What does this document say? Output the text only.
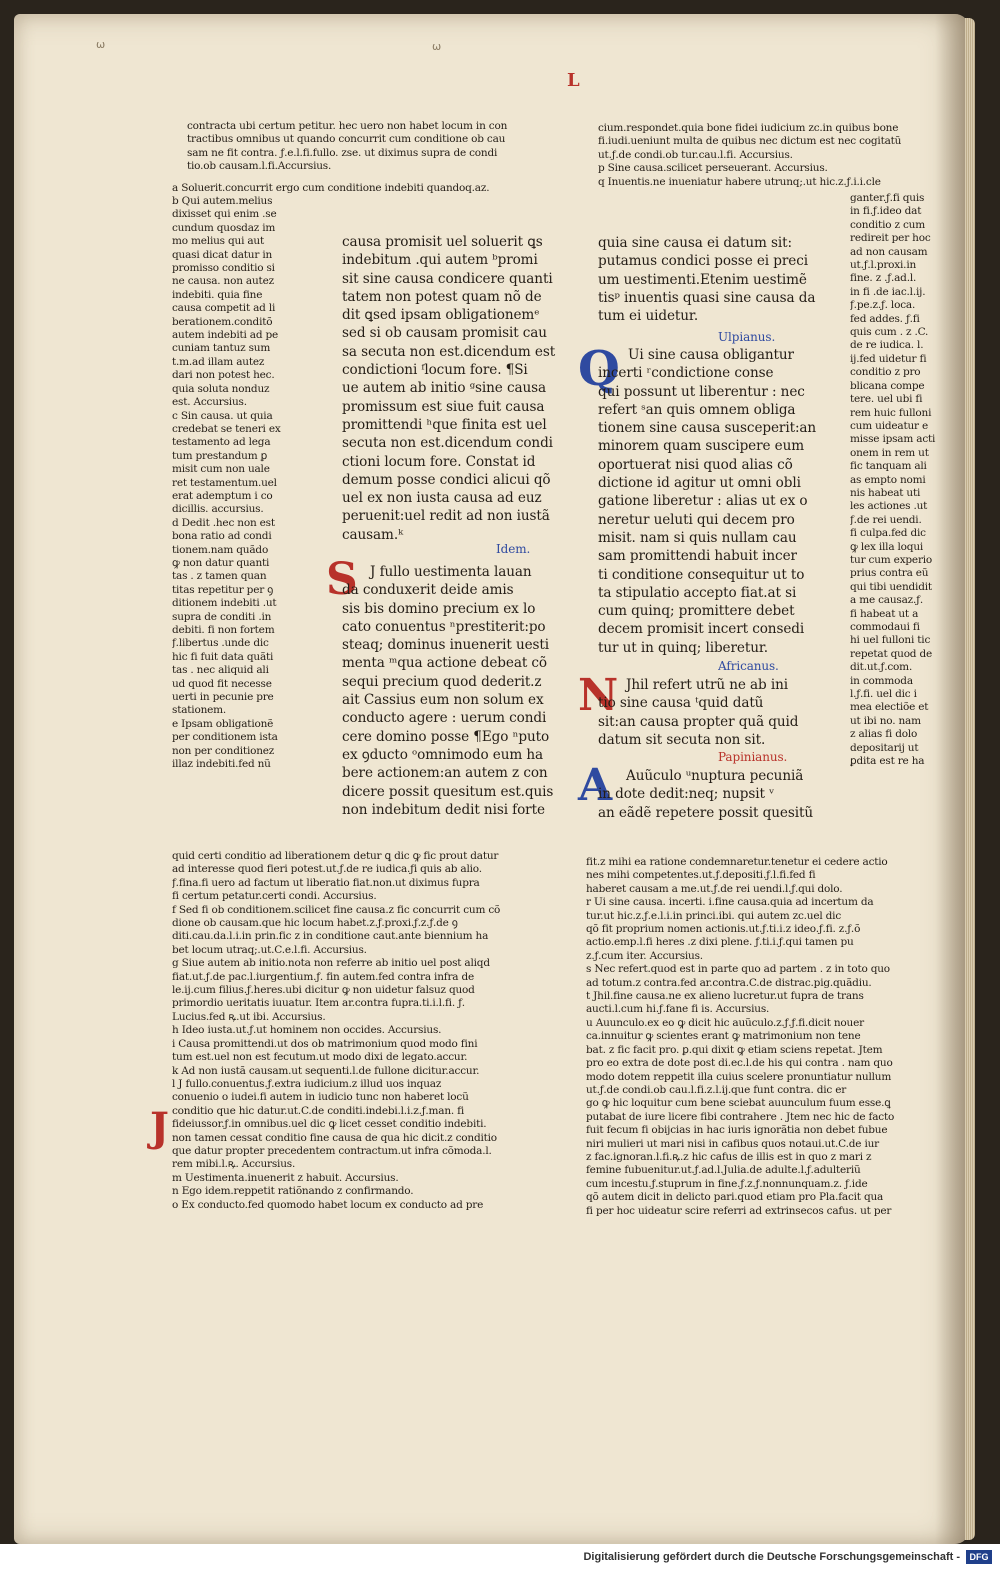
ω	ω
L
contracta ubi certum petitur. hec uero non habet locum in con
tractibus omnibus ut quando concurrit cum conditione ob cau
sam ne fit contra. ƒ.e.l.fi.fullo. zse. ut diximus supra de condi
tio.ob causam.l.fi.Accursius.
a Soluerit.concurrit ergo cum conditione indebiti quandoq.az.
b Qui autem.melius
dixisset qui enim .se
cundum quosdaz im
mo melius qui aut
quasi dicat datur in
promisso conditio si
ne causa. non autez
indebiti. quia fine
causa competit ad li
berationem.conditõ
autem indebiti ad pe
cuniam tantuz sum
t.m.ad illam autez
dari non potest hec.
quia soluta nonduz
est. Accursius.
c Sin causa. ut quia
credebat se teneri ex
testamento ad lega
tum prestandum ꝑ
misit cum non uale
ret testamentum.uel
erat ademptum i co
dicillis. accursius.
d Dedit .hec non est
bona ratio ad condi
tionem.nam quãdo
ꝙ non datur quanti
tas . z tamen quan
titas repetitur per ꝯ
ditionem indebiti .ut
supra de conditi .in
debiti. fi non fortem
ƒ.libertus .unde dic
hic fi fuit data quãti
tas . nec aliquid ali
ud quod fit necesse
uerti in pecunie pre
stationem.
e Ipsam obligationẽ
per conditionem ista
non per conditionez
illaz indebiti.fed nũ
causa promisit uel soluerit ꝗs
indebitum .qui autem ᵇpromi
sit sine causa condicere quanti
tatem non potest quam nõ de
dit ꝗsed ipsam obligationemᵉ
sed si ob causam promisit cau
sa secuta non est.dicendum est
condictioni ᶠlocum fore. ¶Si
ue autem ab initio ᵍsine causa
promissum est siue fuit causa
promittendi ʰque finita est uel
secuta non est.dicendum condi
ctioni locum fore. Constat id
demum posse condici alicui qõ
uel ex non iusta causa ad euz
peruenit:uel redit ad non iustã
causam.ᵏ
Idem.
S J fullo uestimenta lauan
da conduxerit deide amis
sis bis domino precium ex lo
cato conuentus ⁿprestiterit:po
steaq; dominus inuenerit uesti
menta ᵐqua actione debeat cõ
sequi precium quod dederit.z
ait Cassius eum non solum ex
conducto agere : uerum condi
cere domino posse ¶Ego ⁿputo
ex ꝯducto ᵒomnimodo eum ha
bere actionem:an autem z con
dicere possit quesitum est.quis
non indebitum dedit nisi forte
quid certi conditio ad liberationem detur ꝗ dic ꝙ fic prout datur
ad interesse quod fieri potest.ut.ƒ.de re iudica.ƒi quis ab alio.
ƒ.fina.fi uero ad factum ut liberatio fiat.non.ut diximus fupra
fi certum petatur.certi condi. Accursius.
f Sed fi ob conditionem.scilicet fine causa.z fic concurrit cum cõ
dione ob causam.que hic locum habet.z.ƒ.proxi.ƒ.z.ƒ.de ꝯ
diti.cau.da.l.i.in prin.fic z in conditione caut.ante biennium ha
bet locum utraq;.ut.C.e.l.fi. Accursius.
g Siue autem ab initio.nota non referre ab initio uel post aliqd
fiat.ut.ƒ.de pac.l.iurgentium.ƒ. fin autem.fed contra infra de
le.ij.cum filius.ƒ.heres.ubi dicitur ꝙ non uidetur falsuz quod
primordio ueritatis iuuatur. Item ar.contra fupra.ti.i.l.fi. ƒ.
Lucius.fed ꝶ.ut ibi. Accursius.
h Ideo iusta.ut.ƒ.ut hominem non occides. Accursius.
i Causa promittendi.ut dos ob matrimonium quod modo fini
tum est.uel non est fecutum.ut modo dixi de legato.accur.
k Ad non iustã causam.ut sequenti.l.de fullone dicitur.accur.
l J fullo.conuentus.ƒ.extra iudicium.z illud uos inquaz
conuenio o iudei.fi autem in iudicio tunc non haberet locũ
conditio que hic datur.ut.C.de conditi.indebi.l.i.z.ƒ.man. fi
fideiussor.ƒ.in omnibus.uel dic ꝙ licet cesset conditio indebiti.
non tamen cessat conditio fine causa de qua hic dicit.z conditio
que datur propter precedentem contractum.ut infra cõmoda.l.
rem mibi.l.ꝶ. Accursius.
m Uestimenta.inuenerit z habuit. Accursius.
n Ego idem.reppetit ratiõnando z confirmando.
o Ex conducto.fed quomodo habet locum ex conducto ad pre
J
cium.respondet.quia bone fidei iudicium zc.in quibus bone
fi.iudi.ueniunt multa de quibus nec dictum est nec cogitatũ
ut.ƒ.de condi.ob tur.cau.l.fi. Accursius.
p Sine causa.scilicet perseuerant. Accursius.
q Inuentis.ne inueniatur habere utrunq;.ut hic.z.ƒ.i.i.cle
quia sine causa ei datum sit:
putamus condici posse ei preci
um uestimenti.Etenim uestimẽ
tisᵖ inuentis quasi sine causa da
tum ei uidetur.
Ulpianus.
Q Ui sine causa obligantur
incerti ʳcondictione conse
qui possunt ut liberentur : nec
refert ˢan quis omnem obliga
tionem sine causa susceperit:an
minorem quam suscipere eum
oportuerat nisi quod alias cõ
dictione id agitur ut omni obli
gatione liberetur : alias ut ex o
neretur ueluti qui decem pro
misit. nam si quis nullam cau
sam promittendi habuit incer
ti conditione consequitur ut to
ta stipulatio accepto fiat.at si
cum quinq; promittere debet
decem promisit incert consedi
tur ut in quinq; liberetur.
Africanus.
N Jhil refert utrũ ne ab ini
tio sine causa ᵗquid datũ
sit:an causa propter quã quid
datum sit secuta non sit.
Papinianus.
A	Auũculo ᵘnuptura pecuniã
in dote dedit:neq; nupsit ᵛ
an eãdẽ repetere possit quesitũ
ganter.ƒ.fi quis
in fi.ƒ.ideo dat
conditio z cum
redireit per hoc
ad non causam
ut.ƒ.l.proxi.in
fine. z .ƒ.ad.l.
in fi .de iac.l.ij.
ƒ.pe.z.ƒ. loca.
fed addes. ƒ.fi
quis cum . z .C.
de re iudica. l.
ij.fed uidetur fi
conditio z pro
blicana compe
tere. uel ubi fi
rem huic fulloni
cum uideatur e
misse ipsam acti
onem in rem ut
fic tanquam ali
as empto nomi
nis habeat uti
les actiones .ut
ƒ.de rei uendi.
fi culpa.fed dic
ꝙ lex illa loqui
tur cum experio
prius contra eũ
qui tibi uendidit
a me causaz.ƒ.
fi habeat ut a
commodaui fi
hi uel fulloni tic
repetat quod de
dit.ut.ƒ.com.
in commoda
l.ƒ.fi. uel dic i
mea electiõe et
ut ibi no. nam
z alias fi dolo
depositarij ut
ꝑdita est re ha
fit.z mihi ea ratione condemnaretur.tenetur ei cedere actio
nes mihi competentes.ut.ƒ.depositi.ƒ.l.fi.fed fi
haberet causam a me.ut.ƒ.de rei uendi.l.ƒ.qui dolo.
r Ui sine causa. incerti. i.fine causa.quia ad incertum da
tur.ut hic.z.ƒ.e.l.i.in princi.ibi. qui autem zc.uel dic
qõ fit proprium nomen actionis.ut.ƒ.ti.i.z ideo.ƒ.fi. z.ƒ.õ
actio.emp.l.fi heres .z dixi plene. ƒ.ti.i.ƒ.qui tamen pu
z.ƒ.cum iter. Accursius.
s Nec refert.quod est in parte quo ad partem . z in toto quo
ad totum.z contra.fed ar.contra.C.de distrac.pig.quãdiu.
t Jhil.fine causa.ne ex alieno lucretur.ut fupra de trans
aucti.l.cum hi.ƒ.fane fi is. Accursius.
u Auunculo.ex eo ꝙ dicit hic auũculo.z.ƒ.ƒ.fi.dicit nouer
ca.innuitur ꝙ scientes erant ꝙ matrimonium non tene
bat. z fic facit pro. ꝑ.qui dixit ꝙ etiam sciens repetat. Jtem
pro eo extra de dote post di.ec.l.de his qui contra . nam quo
modo dotem reppetit illa cuius scelere pronuntiatur nullum
ut.ƒ.de condi.ob cau.l.fi.z.l.ij.que funt contra. dic er
go ꝙ hic loquitur cum bene sciebat auunculum fuum esse.ꝗ
putabat de iure licere fibi contrahere . Jtem nec hic de facto
fuit fecum fi obijcias in hac iuris ignorãtia non debet fubue
niri mulieri ut mari nisi in cafibus quos notaui.ut.C.de iur
z fac.ignoran.l.fi.ꝶ.z hic cafus de illis est in quo z mari z
femine fubuenitur.ut.ƒ.ad.l.Julia.de adulte.l.ƒ.adulteriũ
cum incestu.ƒ.stuprum in fine.ƒ.z.ƒ.nonnunquam.z. ƒ.ide
qõ autem dicit in delicto pari.quod etiam pro Pla.facit qua
fi per hoc uideatur scire referri ad extrinsecos cafus. ut per
Digitalisierung gefördert durch die Deutsche Forschungsgemeinschaft -	DFG
